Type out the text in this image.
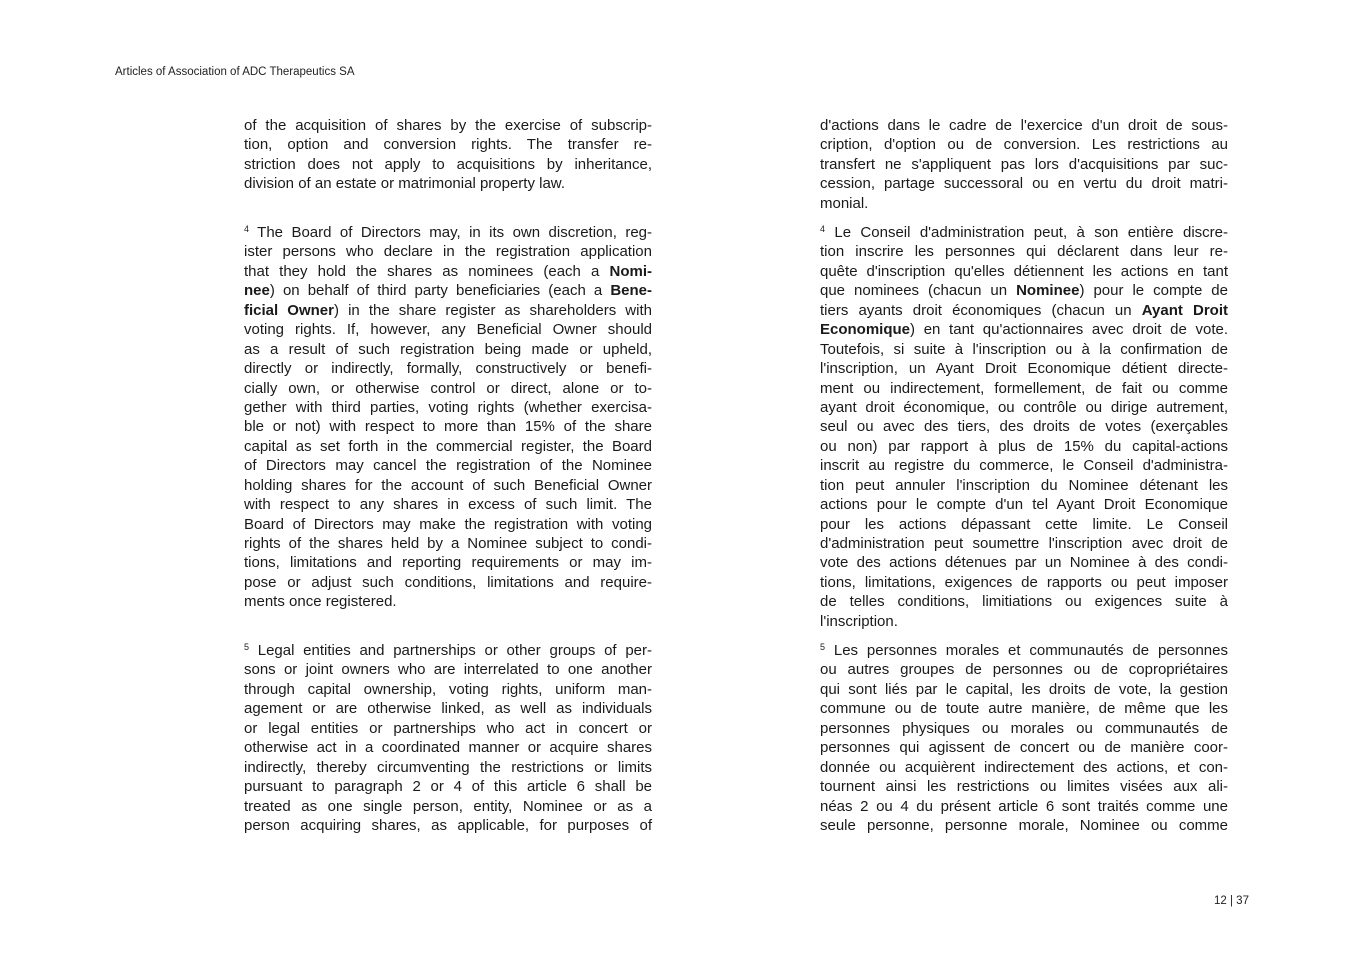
Articles of Association of ADC Therapeutics SA
of the acquisition of shares by the exercise of subscrip-
tion, option and conversion rights. The transfer re-
striction does not apply to acquisitions by inheritance,
division of an estate or matrimonial property law.
$^4$ The Board of Directors may, in its own discretion, reg-
ister persons who declare in the registration application
that they hold the shares as nominees (each a Nomi-
nee) on behalf of third party beneficiaries (each a Bene-
ficial Owner) in the share register as shareholders with
voting rights. If, however, any Beneficial Owner should
as a result of such registration being made or upheld,
directly or indirectly, formally, constructively or benefi-
cially own, or otherwise control or direct, alone or to-
gether with third parties, voting rights (whether exercisa-
ble or not) with respect to more than 15% of the share
capital as set forth in the commercial register, the Board
of Directors may cancel the registration of the Nominee
holding shares for the account of such Beneficial Owner
with respect to any shares in excess of such limit. The
Board of Directors may make the registration with voting
rights of the shares held by a Nominee subject to condi-
tions, limitations and reporting requirements or may im-
pose or adjust such conditions, limitations and require-
ments once registered.
$^5$ Legal entities and partnerships or other groups of per-
sons or joint owners who are interrelated to one another
through capital ownership, voting rights, uniform man-
agement or are otherwise linked, as well as individuals
or legal entities or partnerships who act in concert or
otherwise act in a coordinated manner or acquire shares
indirectly, thereby circumventing the restrictions or limits
pursuant to paragraph 2 or 4 of this article 6 shall be
treated as one single person, entity, Nominee or as a
person acquiring shares, as applicable, for purposes of
d'actions dans le cadre de l'exercice d'un droit de sous-
cription, d'option ou de conversion. Les restrictions au
transfert ne s'appliquent pas lors d'acquisitions par suc-
cession, partage successoral ou en vertu du droit matri-
monial.
$^4$ Le Conseil d'administration peut, à son entière discre-
tion inscrire les personnes qui déclarent dans leur re-
quête d'inscription qu'elles détiennent les actions en tant
que nominees (chacun un Nominee) pour le compte de
tiers ayants droit économiques (chacun un Ayant Droit
Economique) en tant qu'actionnaires avec droit de vote.
Toutefois, si suite à l'inscription ou à la confirmation de
l'inscription, un Ayant Droit Economique détient directe-
ment ou indirectement, formellement, de fait ou comme
ayant droit économique, ou contrôle ou dirige autrement,
seul ou avec des tiers, des droits de votes (exerçables
ou non) par rapport à plus de 15% du capital-actions
inscrit au registre du commerce, le Conseil d'administra-
tion peut annuler l'inscription du Nominee détenant les
actions pour le compte d'un tel Ayant Droit Economique
pour les actions dépassant cette limite. Le Conseil
d'administration peut soumettre l'inscription avec droit de
vote des actions détenues par un Nominee à des condi-
tions, limitations, exigences de rapports ou peut imposer
de telles conditions, limitiations ou exigences suite à
l'inscription.
$^5$ Les personnes morales et communautés de personnes
ou autres groupes de personnes ou de copropriétaires
qui sont liés par le capital, les droits de vote, la gestion
commune ou de toute autre manière, de même que les
personnes physiques ou morales ou communautés de
personnes qui agissent de concert ou de manière coor-
donnée ou acquièrent indirectement des actions, et con-
tournent ainsi les restrictions ou limites visées aux ali-
néas 2 ou 4 du présent article 6 sont traités comme une
seule personne, personne morale, Nominee ou comme
12 | 37
